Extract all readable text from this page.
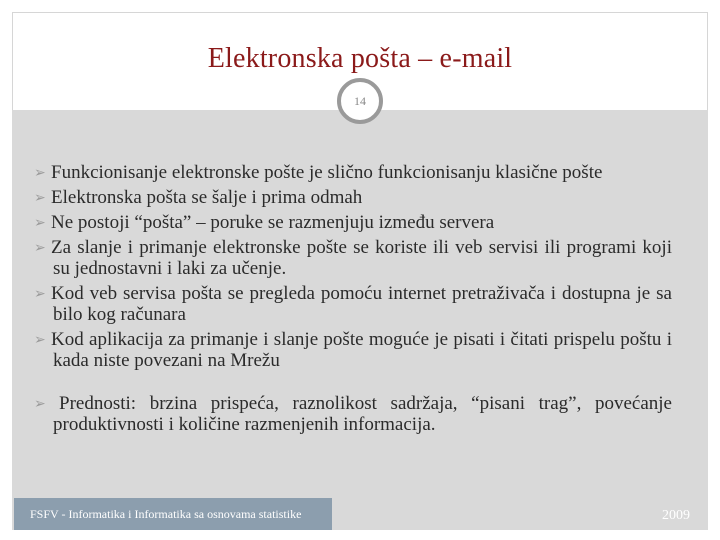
Elektronska pošta – e-mail
14
➢ Funkcionisanje elektronske pošte je slično funkcionisanju klasične pošte
➢ Elektronska pošta se šalje i prima odmah
➢ Ne postoji “pošta” – poruke se razmenjuju između servera
➢ Za slanje i primanje elektronske pošte se koriste ili veb servisi ili programi koji su jednostavni i laki za učenje.
➢ Kod veb servisa pošta se pregleda pomoću internet pretraživača i dostupna je sa bilo kog računara
➢ Kod aplikacija za primanje i slanje pošte moguće je pisati i čitati prispelu poštu i kada niste povezani na Mrežu
➢ Prednosti: brzina prispeća, raznolikost sadržaja, “pisani trag”, povećanje produktivnosti i količine razmenjenih informacija.
FSFV - Informatika i Informatika sa osnovama statistike	2009
